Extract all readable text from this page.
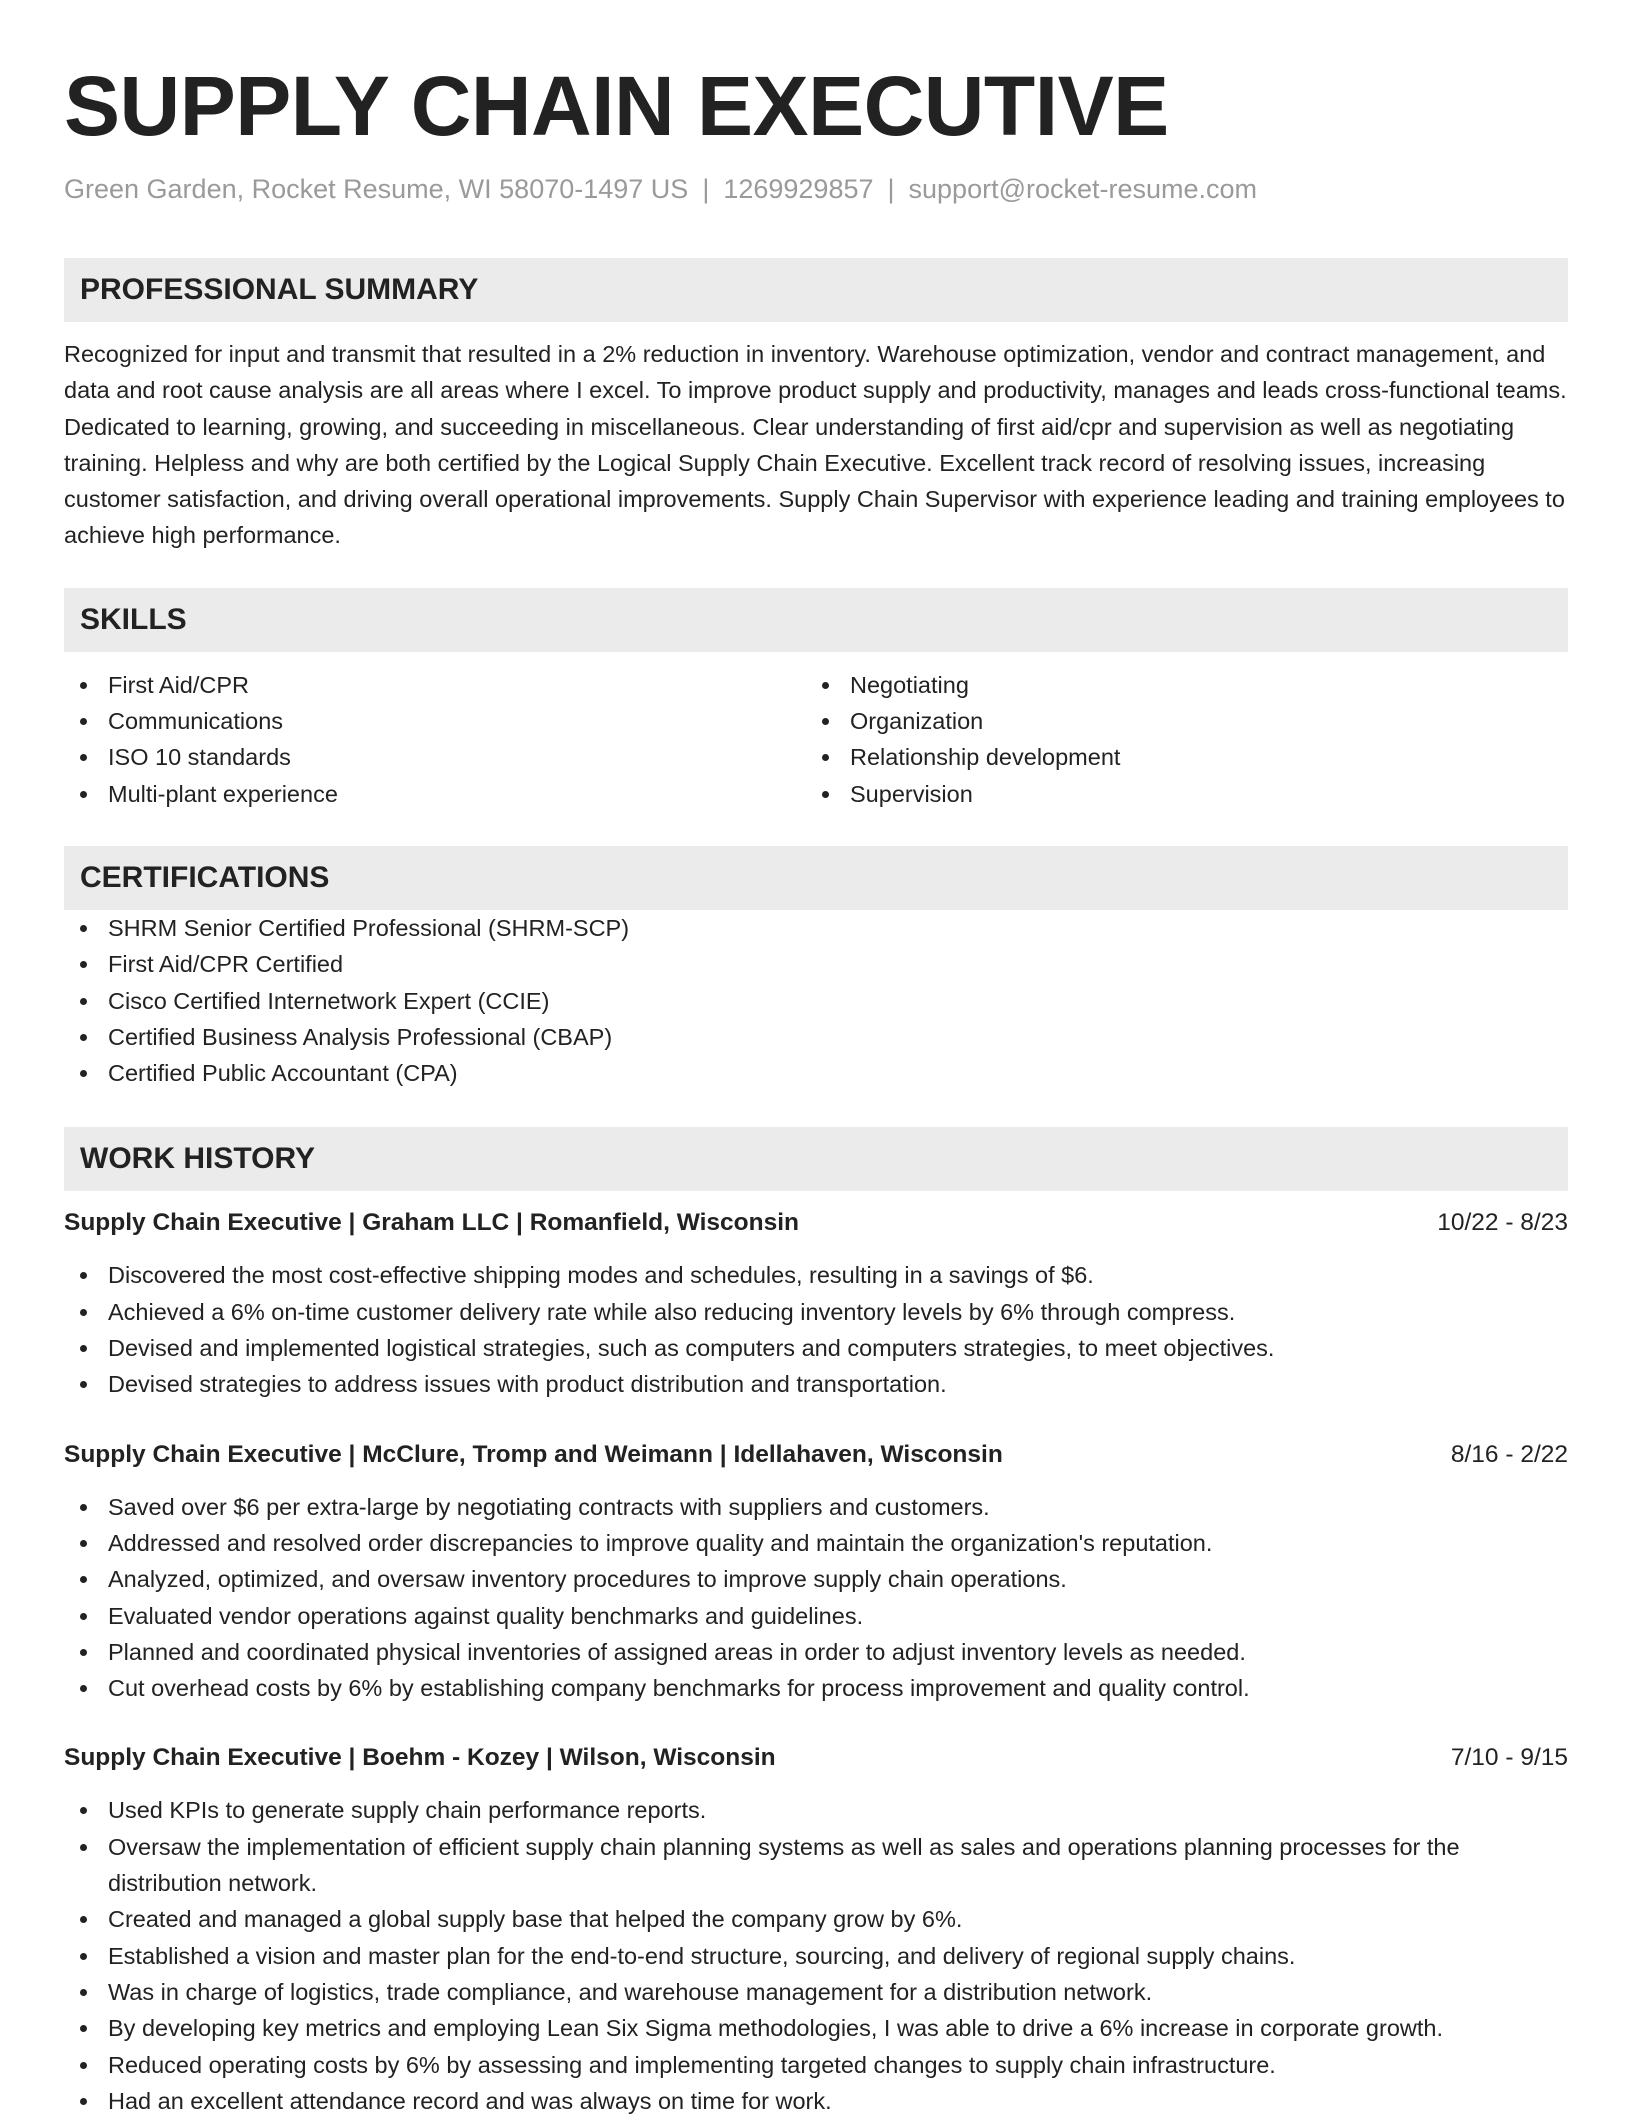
SUPPLY CHAIN EXECUTIVE
Green Garden, Rocket Resume, WI 58070-1497 US | 1269929857 | support@rocket-resume.com
PROFESSIONAL SUMMARY

Recognized for input and transmit that resulted in a 2% reduction in inventory. Warehouse optimization, vendor and contract management, and data and root cause analysis are all areas where I excel. To improve product supply and productivity, manages and leads cross-functional teams. Dedicated to learning, growing, and succeeding in miscellaneous. Clear understanding of first aid/cpr and supervision as well as negotiating training. Helpless and why are both certified by the Logical Supply Chain Executive. Excellent track record of resolving issues, increasing customer satisfaction, and driving overall operational improvements. Supply Chain Supervisor with experience leading and training employees to achieve high performance.

SKILLS
First Aid/CPR
Communications
ISO 10 standards
Multi-plant experience
Negotiating
Organization
Relationship development
Supervision
CERTIFICATIONS
SHRM Senior Certified Professional (SHRM-SCP)
First Aid/CPR Certified
Cisco Certified Internetwork Expert (CCIE)
Certified Business Analysis Professional (CBAP)
Certified Public Accountant (CPA)
WORK HISTORY
Supply Chain Executive | Graham LLC | Romanfield, Wisconsin	10/22 - 8/23
Discovered the most cost-effective shipping modes and schedules, resulting in a savings of $6.
Achieved a 6% on-time customer delivery rate while also reducing inventory levels by 6% through compress.
Devised and implemented logistical strategies, such as computers and computers strategies, to meet objectives.
Devised strategies to address issues with product distribution and transportation.
Supply Chain Executive | McClure, Tromp and Weimann | Idellahaven, Wisconsin	8/16 - 2/22
Saved over $6 per extra-large by negotiating contracts with suppliers and customers.
Addressed and resolved order discrepancies to improve quality and maintain the organization's reputation.
Analyzed, optimized, and oversaw inventory procedures to improve supply chain operations.
Evaluated vendor operations against quality benchmarks and guidelines.
Planned and coordinated physical inventories of assigned areas in order to adjust inventory levels as needed.
Cut overhead costs by 6% by establishing company benchmarks for process improvement and quality control.
Supply Chain Executive | Boehm - Kozey | Wilson, Wisconsin	7/10 - 9/15
Used KPIs to generate supply chain performance reports.
Oversaw the implementation of efficient supply chain planning systems as well as sales and operations planning processes for the distribution network.
Created and managed a global supply base that helped the company grow by 6%.
Established a vision and master plan for the end-to-end structure, sourcing, and delivery of regional supply chains.
Was in charge of logistics, trade compliance, and warehouse management for a distribution network.
By developing key metrics and employing Lean Six Sigma methodologies, I was able to drive a 6% increase in corporate growth.
Reduced operating costs by 6% by assessing and implementing targeted changes to supply chain infrastructure.
Had an excellent attendance record and was always on time for work.
